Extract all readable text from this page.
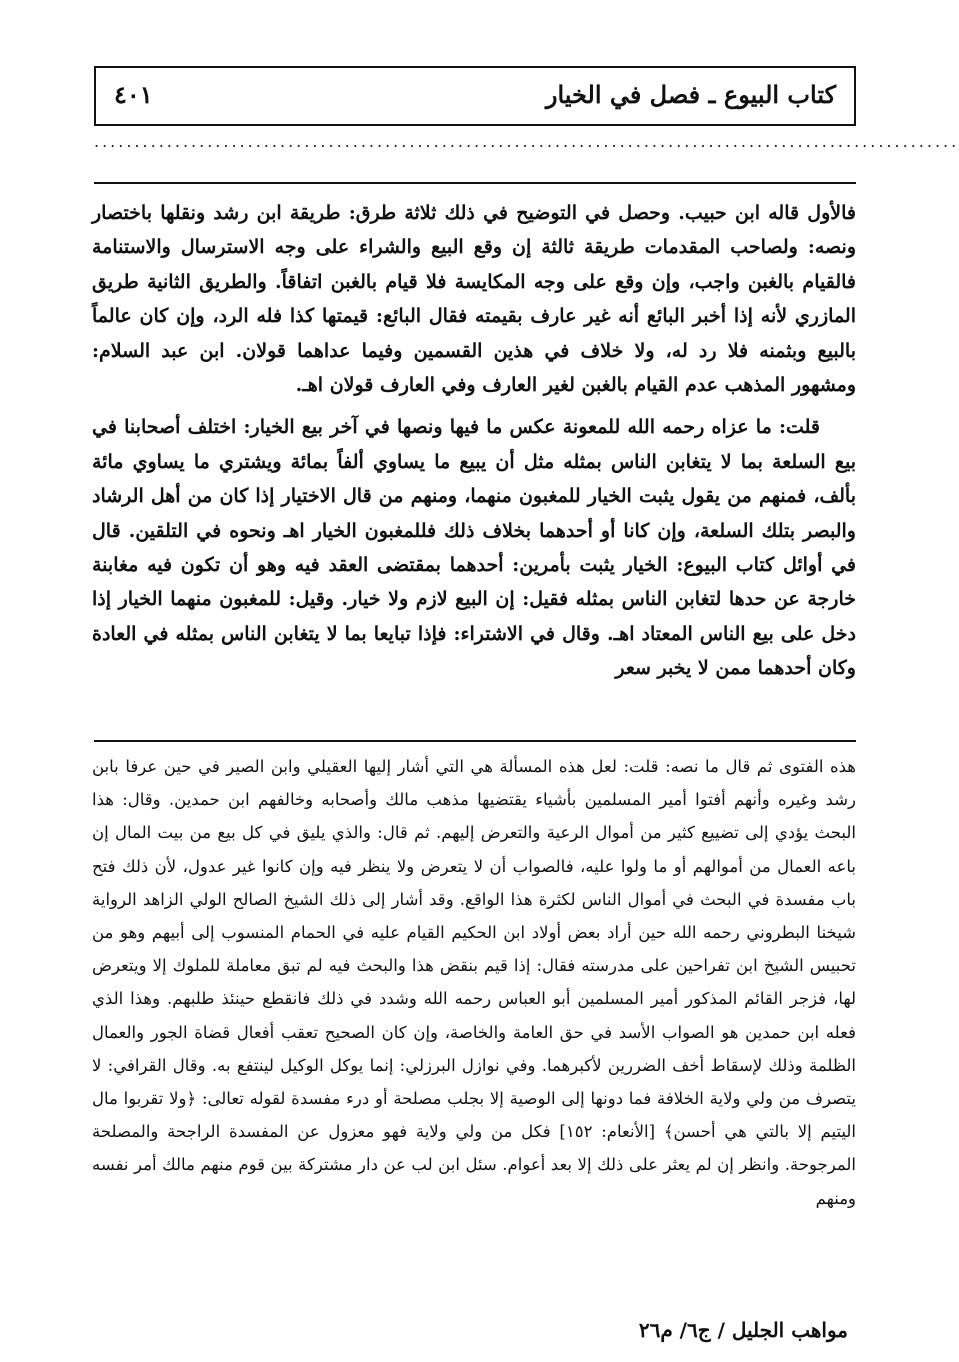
كتاب البيوع ـ فصل في الخيار
٤٠١
...........................................................................................................

فالأول قاله ابن حبيب. وحصل في التوضيح في ذلك ثلاثة طرق: طريقة ابن رشد ونقلها باختصار ونصه: ولصاحب المقدمات طريقة ثالثة إن وقع البيع والشراء على وجه الاسترسال والاستنامة فالقيام بالغبن واجب، وإن وقع على وجه المكايسة فلا قيام بالغبن اتفاقاً. والطريق الثانية طريق المازري لأنه إذا أخبر البائع أنه غير عارف بقيمته فقال البائع: قيمتها كذا فله الرد، وإن كان عالماً بالبيع وبثمنه فلا رد له، ولا خلاف في هذين القسمين وفيما عداهما قولان. ابن عبد السلام: ومشهور المذهب عدم القيام بالغبن لغير العارف وفي العارف قولان اهـ.

قلت: ما عزاه رحمه الله للمعونة عكس ما فيها ونصها في آخر بيع الخيار: اختلف أصحابنا في بيع السلعة بما لا يتغابن الناس بمثله مثل أن يبيع ما يساوي ألفاً بمائة ويشتري ما يساوي مائة بألف، فمنهم من يقول يثبت الخيار للمغبون منهما، ومنهم من قال الاختيار إذا كان من أهل الرشاد والبصر بتلك السلعة، وإن كانا أو أحدهما بخلاف ذلك فللمغبون الخيار اهـ ونحوه في التلقين. قال في أوائل كتاب البيوع: الخيار يثبت بأمرين: أحدهما بمقتضى العقد فيه وهو أن تكون فيه مغابنة خارجة عن حدها لتغابن الناس بمثله فقيل: إن البيع لازم ولا خيار. وقيل: للمغبون منهما الخيار إذا دخل على بيع الناس المعتاد اهـ. وقال في الاشتراء: فإذا تبايعا بما لا يتغابن الناس بمثله في العادة وكان أحدهما ممن لا يخبر سعر

هذه الفتوى ثم قال ما نصه: قلت: لعل هذه المسألة هي التي أشار إليها العقيلي وابن الصير في حين عرفا بابن رشد وغيره وأنهم أفتوا أمير المسلمين بأشياء يقتضيها مذهب مالك وأصحابه وخالفهم ابن حمدين. وقال: هذا البحث يؤدي إلى تضييع كثير من أموال الرعية والتعرض إليهم. ثم قال: والذي يليق في كل بيع من بيت المال إن باعه العمال من أموالهم أو ما ولوا عليه، فالصواب أن لا يتعرض ولا ينظر فيه وإن كانوا غير عدول، لأن ذلك فتح باب مفسدة في البحث في أموال الناس لكثرة هذا الواقع. وقد أشار إلى ذلك الشيخ الصالح الولي الزاهد الرواية شيخنا البطروني رحمه الله حين أراد بعض أولاد ابن الحكيم القيام عليه في الحمام المنسوب إلى أبيهم وهو من تحبيس الشيخ ابن تفراحين على مدرسته فقال: إذا قيم بنقض هذا والبحث فيه لم تبق معاملة للملوك إلا ويتعرض لها، فزجر القائم المذكور أمير المسلمين أبو العباس رحمه الله وشدد في ذلك فانقطع حينئذ طلبهم. وهذا الذي فعله ابن حمدين هو الصواب الأسد في حق العامة والخاصة، وإن كان الصحيح تعقب أفعال قضاة الجور والعمال الظلمة وذلك لإسقاط أخف الضررين لأكبرهما. وفي نوازل البرزلي: إنما يوكل الوكيل لينتفع به. وقال القرافي: لا يتصرف من ولي ولاية الخلافة فما دونها إلى الوصية إلا بجلب مصلحة أو درء مفسدة لقوله تعالى: ﴿ولا تقربوا مال اليتيم إلا بالتي هي أحسن﴾ [الأنعام: ١٥٢] فكل من ولي ولاية فهو معزول عن المفسدة الراجحة والمصلحة المرجوحة. وانظر إن لم يعثر على ذلك إلا بعد أعوام. سئل ابن لب عن دار مشتركة بين قوم منهم مالك أمر نفسه ومنهم

مواهب الجليل / ج٦/ م٢٦
